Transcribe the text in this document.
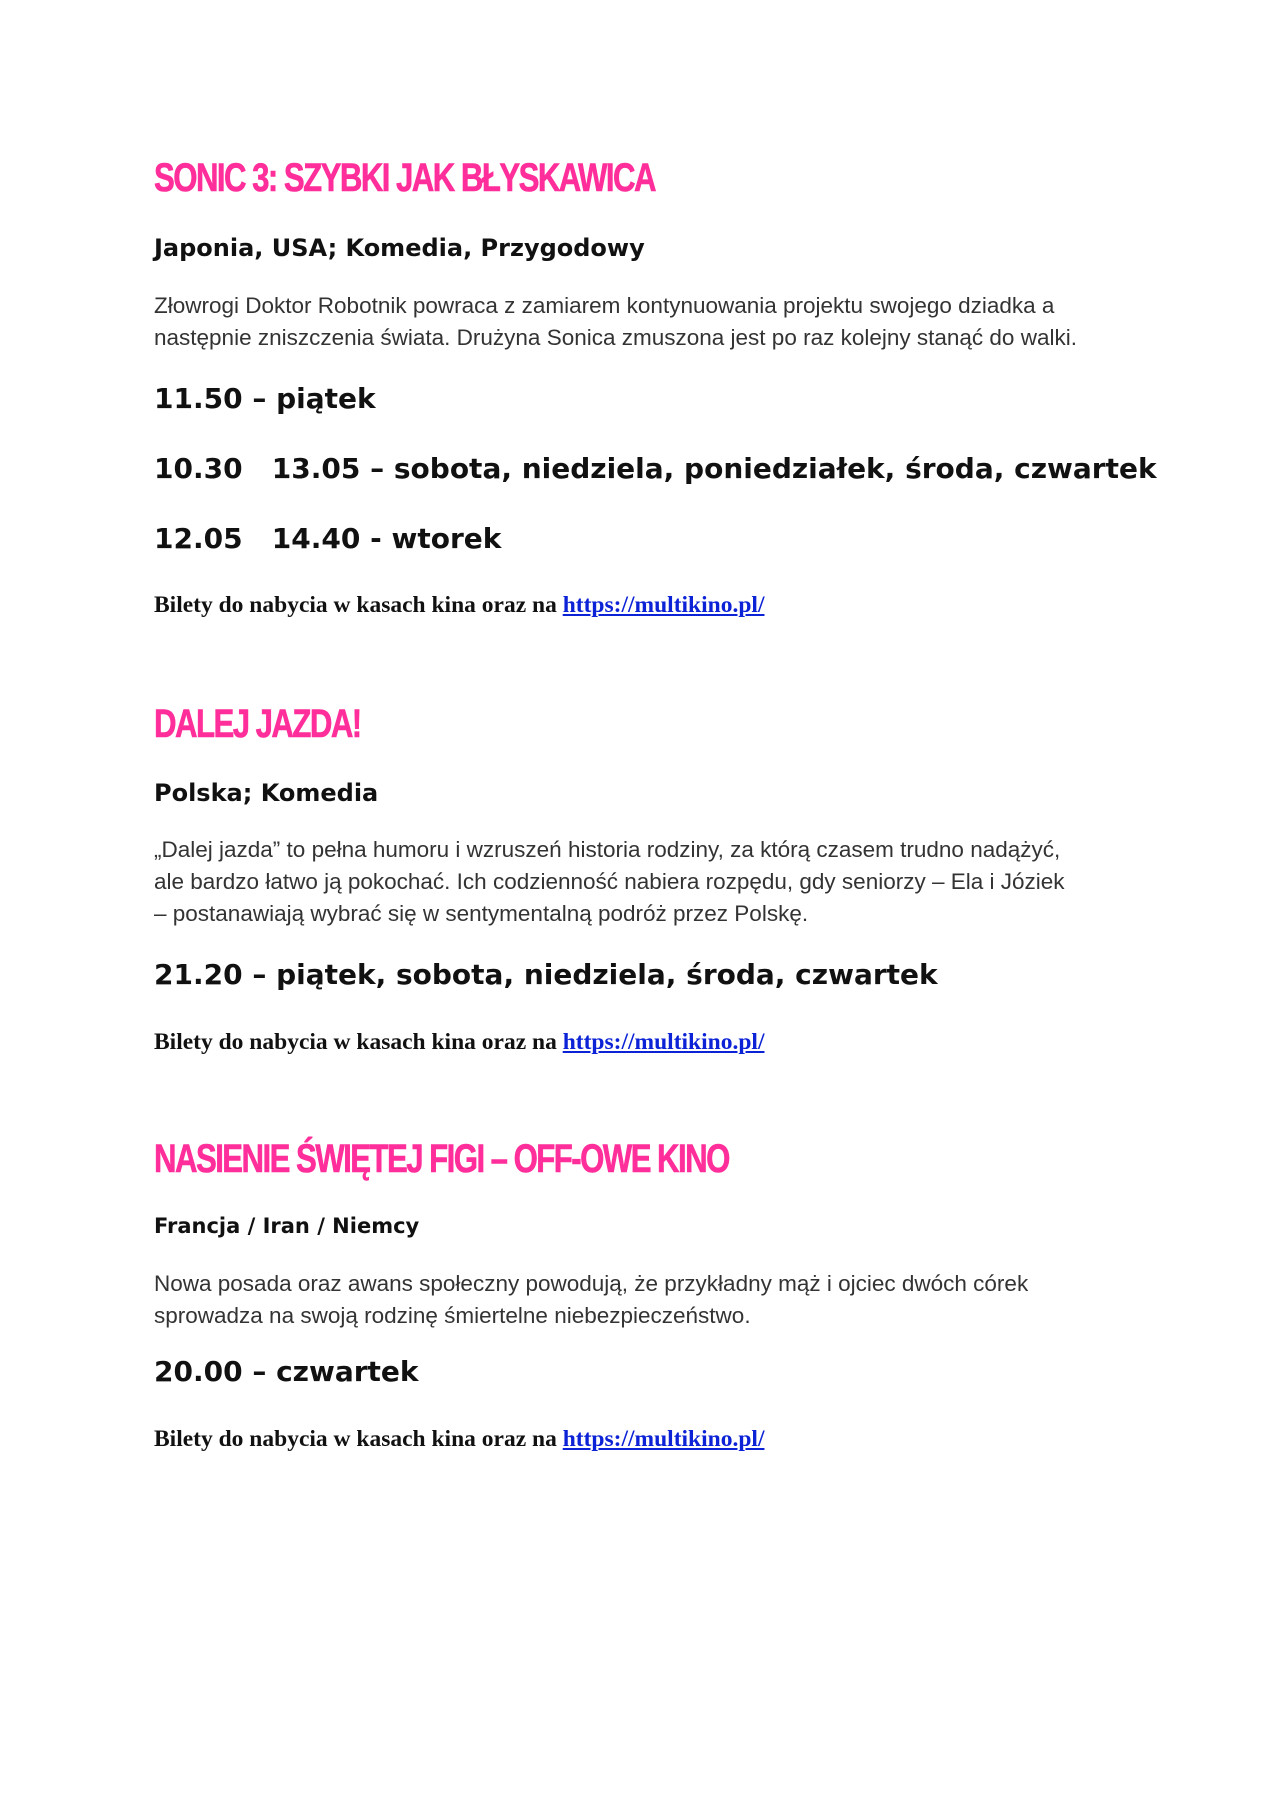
SONIC 3: SZYBKI JAK BŁYSKAWICA
Japonia, USA; Komedia, Przygodowy

Złowrogi Doktor Robotnik powraca z zamiarem kontynuowania projektu swojego dziadka a

następnie zniszczenia świata. Drużyna Sonica zmuszona jest po raz kolejny stanąć do walki.

11.50 – piątek
10.30   13.05 – sobota, niedziela, poniedziałek, środa, czwartek
12.05   14.40 - wtorek
Bilety do nabycia w kasach kina oraz na https://multikino.pl/
DALEJ JAZDA!
Polska; Komedia

„Dalej jazda” to pełna humoru i wzruszeń historia rodziny, za którą czasem trudno nadążyć,

ale bardzo łatwo ją pokochać. Ich codzienność nabiera rozpędu, gdy seniorzy – Ela i Józiek

– postanawiają wybrać się w sentymentalną podróż przez Polskę.

21.20 – piątek, sobota, niedziela, środa, czwartek
Bilety do nabycia w kasach kina oraz na https://multikino.pl/
NASIENIE ŚWIĘTEJ FIGI – OFF-OWE KINO
Francja / Iran / Niemcy

Nowa posada oraz awans społeczny powodują, że przykładny mąż i ojciec dwóch córek

sprowadza na swoją rodzinę śmiertelne niebezpieczeństwo.

20.00 – czwartek
Bilety do nabycia w kasach kina oraz na https://multikino.pl/
